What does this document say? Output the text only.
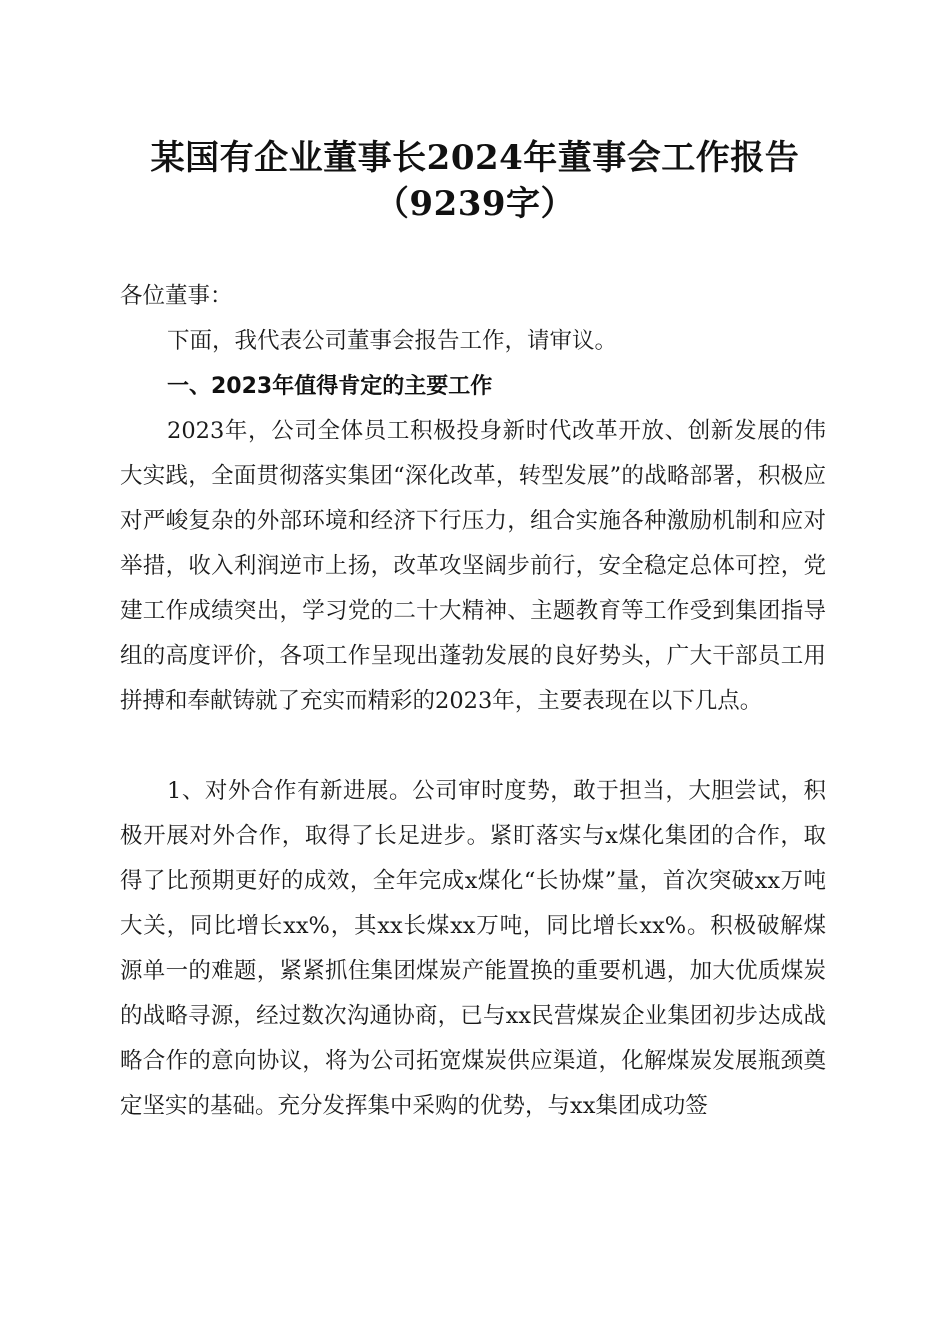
某国有企业董事长2024年董事会工作报告
（9239字）
各位董事：
下面，我代表公司董事会报告工作，请审议。
一、2023年值得肯定的主要工作
2023年，公司全体员工积极投身新时代改革开放、创新发展的伟大实践，全面贯彻落实集团“深化改革，转型发展”的战略部署，积极应对严峻复杂的外部环境和经济下行压力，组合实施各种激励机制和应对举措，收入利润逆市上扬，改革攻坚阔步前行，安全稳定总体可控，党建工作成绩突出，学习党的二十大精神、主题教育等工作受到集团指导组的高度评价，各项工作呈现出蓬勃发展的良好势头，广大干部员工用拼搏和奉献铸就了充实而精彩的2023年，主要表现在以下几点。
1、对外合作有新进展。公司审时度势，敢于担当，大胆尝试，积极开展对外合作，取得了长足进步。紧盯落实与x煤化集团的合作，取得了比预期更好的成效，全年完成x煤化“长协煤”量，首次突破xx万吨大关，同比增长xx%，其xx长煤xx万吨，同比增长xx%。积极破解煤源单一的难题，紧紧抓住集团煤炭产能置换的重要机遇，加大优质煤炭的战略寻源，经过数次沟通协商，已与xx民营煤炭企业集团初步达成战略合作的意向协议，将为公司拓宽煤炭供应渠道，化解煤炭发展瓶颈奠定坚实的基础。充分发挥集中采购的优势，与xx集团成功签
